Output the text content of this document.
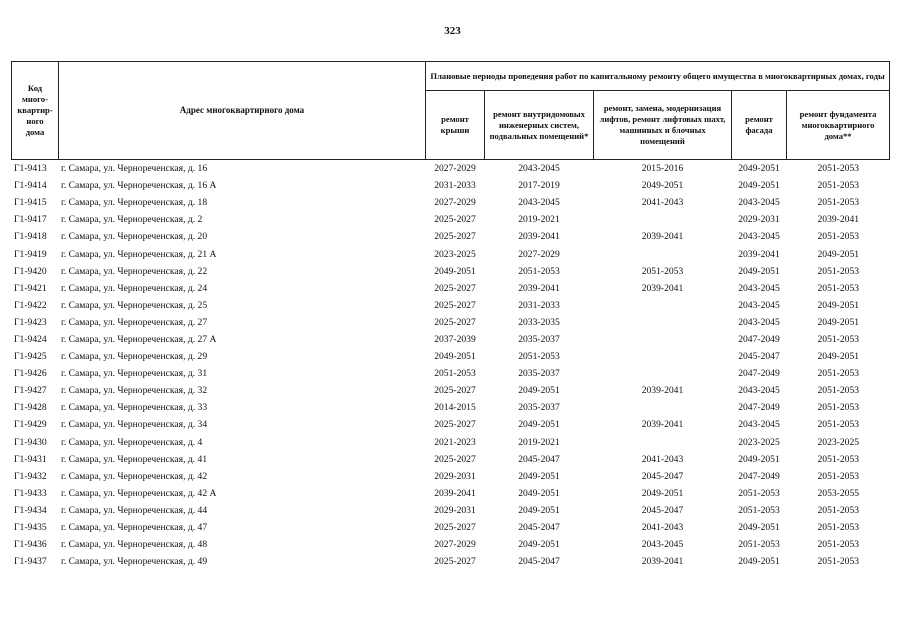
323
Код
много-
квартир-
ного
дома	Адрес многоквартирного дома	Плановые периоды проведения работ по капитальному ремонту общего имущества в многоквартирных домах, годы				
		ремонт крыши	ремонт внутридомовых инженерных систем, подвальных помещений*	ремонт, замена, модернизация лифтов, ремонт лифтовых шахт, машинных и блочных помещений	ремонт фасада	ремонт фундамента многоквартирного дома**
Г1-9413	г. Самара, ул. Чернореченская, д. 16	2027-2029	2043-2045	2015-2016	2049-2051	2051-2053
Г1-9414	г. Самара, ул. Чернореченская, д. 16 А	2031-2033	2017-2019	2049-2051	2049-2051	2051-2053
Г1-9415	г. Самара, ул. Чернореченская, д. 18	2027-2029	2043-2045	2041-2043	2043-2045	2051-2053
Г1-9417	г. Самара, ул. Чернореченская, д. 2	2025-2027	2019-2021		2029-2031	2039-2041
Г1-9418	г. Самара, ул. Чернореченская, д. 20	2025-2027	2039-2041	2039-2041	2043-2045	2051-2053
Г1-9419	г. Самара, ул. Чернореченская, д. 21 А	2023-2025	2027-2029		2039-2041	2049-2051
Г1-9420	г. Самара, ул. Чернореченская, д. 22	2049-2051	2051-2053	2051-2053	2049-2051	2051-2053
Г1-9421	г. Самара, ул. Чернореченская, д. 24	2025-2027	2039-2041	2039-2041	2043-2045	2051-2053
Г1-9422	г. Самара, ул. Чернореченская, д. 25	2025-2027	2031-2033		2043-2045	2049-2051
Г1-9423	г. Самара, ул. Чернореченская, д. 27	2025-2027	2033-2035		2043-2045	2049-2051
Г1-9424	г. Самара, ул. Чернореченская, д. 27 А	2037-2039	2035-2037		2047-2049	2051-2053
Г1-9425	г. Самара, ул. Чернореченская, д. 29	2049-2051	2051-2053		2045-2047	2049-2051
Г1-9426	г. Самара, ул. Чернореченская, д. 31	2051-2053	2035-2037		2047-2049	2051-2053
Г1-9427	г. Самара, ул. Чернореченская, д. 32	2025-2027	2049-2051	2039-2041	2043-2045	2051-2053
Г1-9428	г. Самара, ул. Чернореченская, д. 33	2014-2015	2035-2037		2047-2049	2051-2053
Г1-9429	г. Самара, ул. Чернореченская, д. 34	2025-2027	2049-2051	2039-2041	2043-2045	2051-2053
Г1-9430	г. Самара, ул. Чернореченская, д. 4	2021-2023	2019-2021		2023-2025	2023-2025
Г1-9431	г. Самара, ул. Чернореченская, д. 41	2025-2027	2045-2047	2041-2043	2049-2051	2051-2053
Г1-9432	г. Самара, ул. Чернореченская, д. 42	2029-2031	2049-2051	2045-2047	2047-2049	2051-2053
Г1-9433	г. Самара, ул. Чернореченская, д. 42 А	2039-2041	2049-2051	2049-2051	2051-2053	2053-2055
Г1-9434	г. Самара, ул. Чернореченская, д. 44	2029-2031	2049-2051	2045-2047	2051-2053	2051-2053
Г1-9435	г. Самара, ул. Чернореченская, д. 47	2025-2027	2045-2047	2041-2043	2049-2051	2051-2053
Г1-9436	г. Самара, ул. Чернореченская, д. 48	2027-2029	2049-2051	2043-2045	2051-2053	2051-2053
Г1-9437	г. Самара, ул. Чернореченская, д. 49	2025-2027	2045-2047	2039-2041	2049-2051	2051-2053
